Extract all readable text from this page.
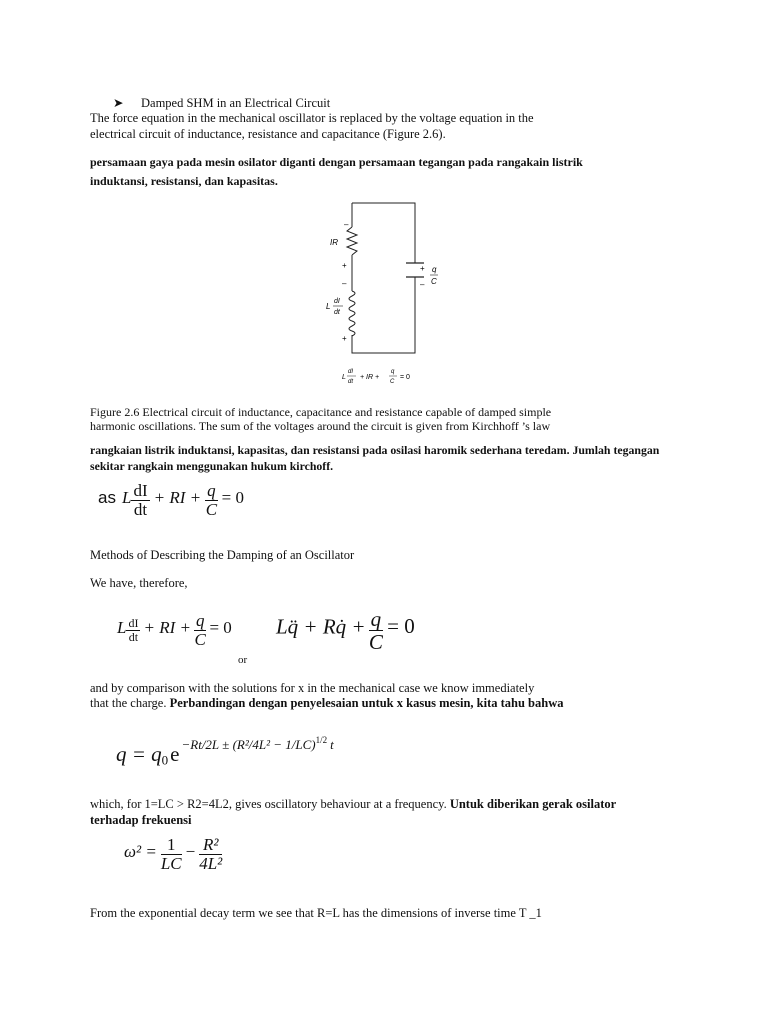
➤ Damped SHM in an Electrical Circuit
The force equation in the mechanical oscillator is replaced by the voltage equation in the
electrical circuit of inductance, resistance and capacitance (Figure 2.6).
persamaan gaya pada mesin osilator diganti dengan persamaan tegangan pada rangakain listrik
induktansi, resistansi, dan kapasitas.
–
IR
+
–
L
dI
dt
+
+
–
q
C
L
dI
dt
+ IR +
q
C
= 0
Figure 2.6 Electrical circuit of inductance, capacitance and resistance capable of damped simple
harmonic oscillations. The sum of the voltages around the circuit is given from Kirchhoff ’s law
rangkaian listrik induktansi, kapasitas, dan resistansi pada osilasi haromik sederhana teredam. Jumlah tegangan
sekitar rangkain menggunakan hukum kirchoff.
as L $\frac{dI}{dt}$ + RI + $\frac{q}{C} = 0$
Methods of Describing the Damping of an Oscillator
We have, therefore,
L $\frac{dI}{dt}$ + RI + $\frac{q}{C} = 0$ Lq̈ + Rq̇ + $\frac{q}{C} = 0$
or
and by comparison with the solutions for x in the mechanical case we know immediately
that the charge. Perbandingan dengan penyelesaian untuk x kasus mesin, kita tahu bahwa
$q = q_0e -Rt/2L \pm (R^2/4L^2 - 1/LC)^{1/2}$ t
which, for 1=LC > R2=4L2, gives oscillatory behaviour at a frequency. Untuk diberikan gerak osilator
terhadap frekuensi
$\omega^2 = \frac{1}{LC} - \frac{\text{R²}}{\text{4L²}}$
From the exponential decay term we see that R=L has the dimensions of inverse time T _1
